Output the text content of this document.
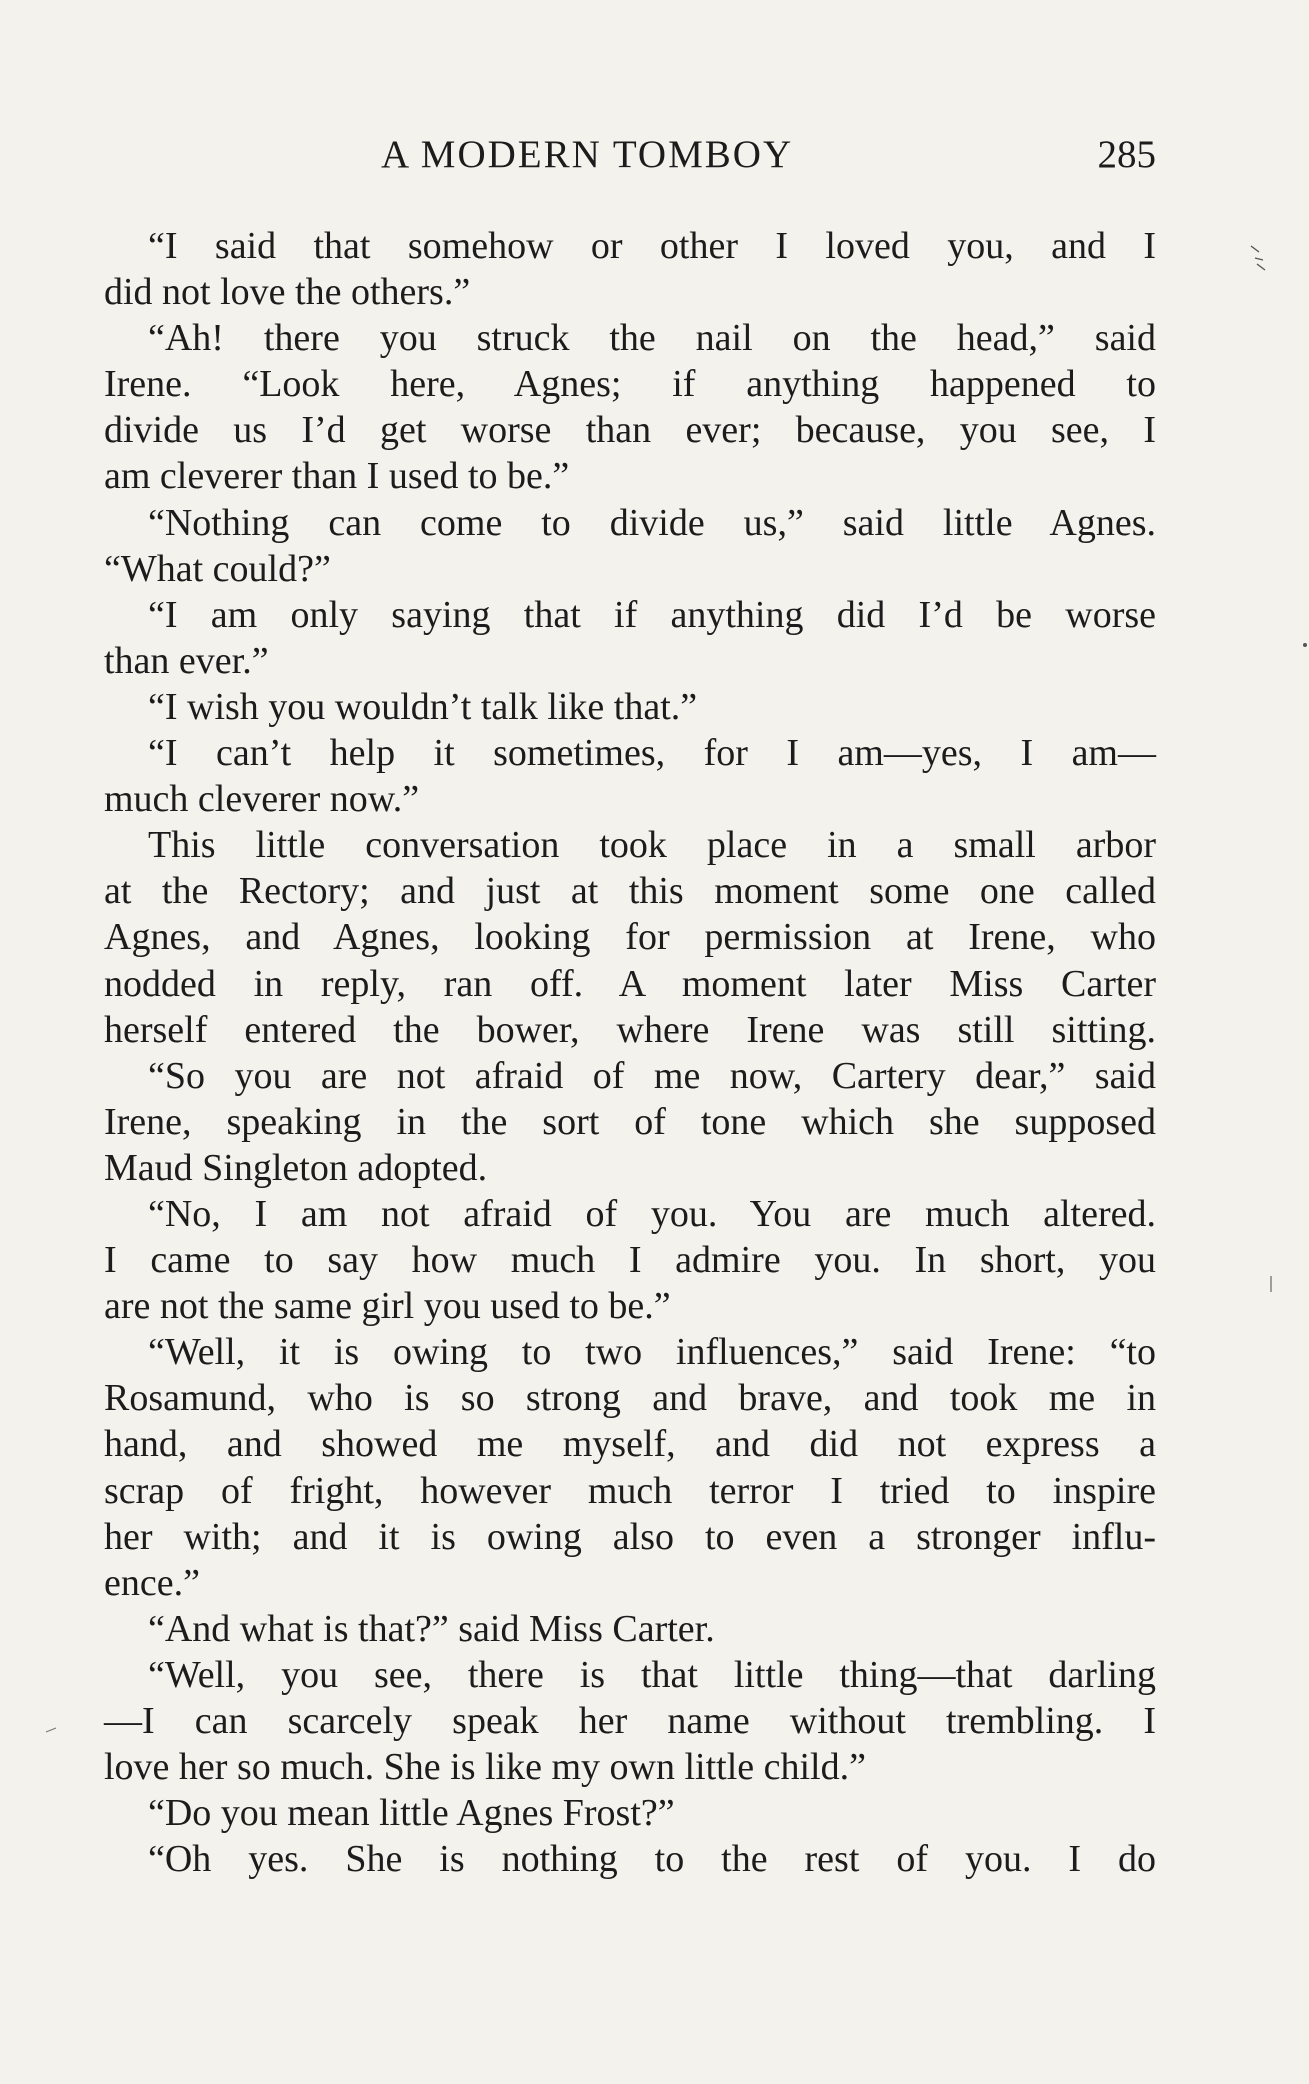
A MODERN TOMBOY	285
“I said that somehow or other I loved you, and I
did not love the others.”
“Ah! there you struck the nail on the head,” said
Irene. “Look here, Agnes; if anything happened to
divide us I’d get worse than ever; because, you see, I
am cleverer than I used to be.”
“Nothing can come to divide us,” said little Agnes.
“What could?”
“I am only saying that if anything did I’d be worse
than ever.”
“I wish you wouldn’t talk like that.”
“I can’t help it sometimes, for I am—yes, I am—
much cleverer now.”
This little conversation took place in a small arbor
at the Rectory; and just at this moment some one called
Agnes, and Agnes, looking for permission at Irene, who
nodded in reply, ran off. A moment later Miss Carter
herself entered the bower, where Irene was still sitting.
“So you are not afraid of me now, Cartery dear,” said
Irene, speaking in the sort of tone which she supposed
Maud Singleton adopted.
“No, I am not afraid of you. You are much altered.
I came to say how much I admire you. In short, you
are not the same girl you used to be.”
“Well, it is owing to two influences,” said Irene: “to
Rosamund, who is so strong and brave, and took me in
hand, and showed me myself, and did not express a
scrap of fright, however much terror I tried to inspire
her with; and it is owing also to even a stronger influ-
ence.”
“And what is that?” said Miss Carter.
“Well, you see, there is that little thing—that darling
—I can scarcely speak her name without trembling. I
love her so much. She is like my own little child.”
“Do you mean little Agnes Frost?”
“Oh yes. She is nothing to the rest of you. I do
